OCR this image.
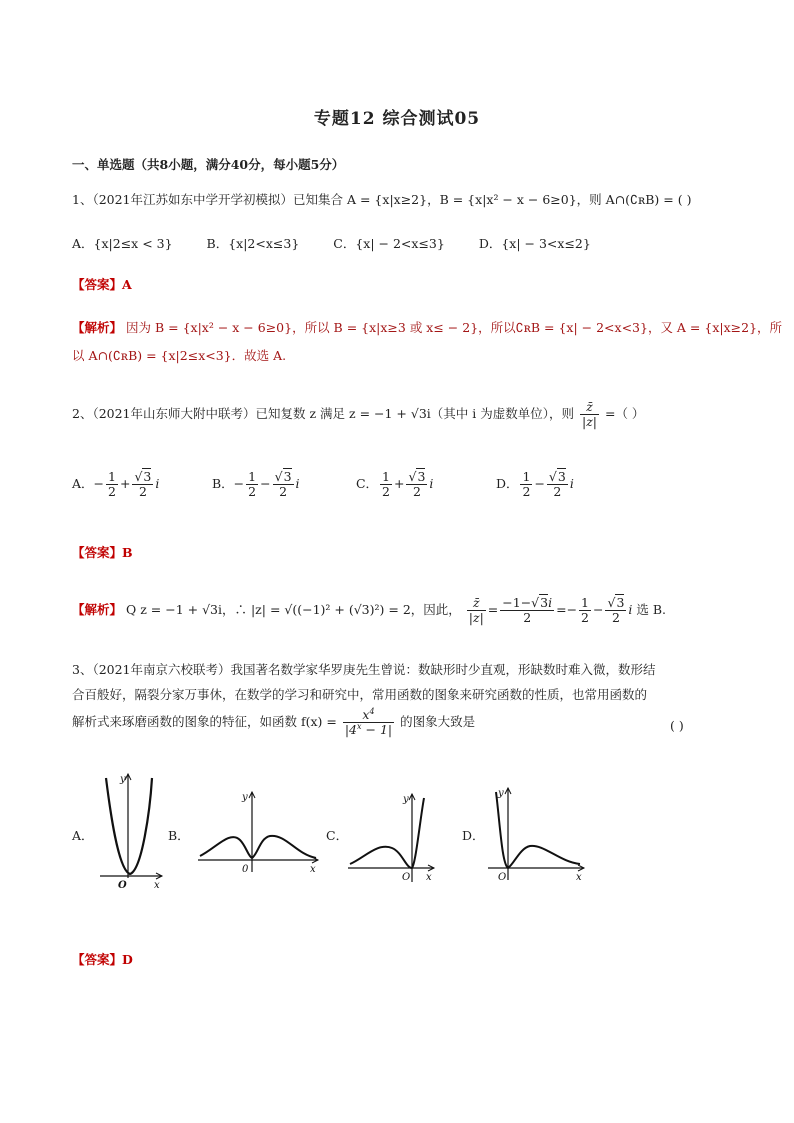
专题12 综合测试05
一、单选题（共8小题，满分40分，每小题5分）
1、（2021年江苏如东中学开学初模拟）已知集合 A = {x|x≥2}，B = {x|x² − x − 6≥0}，则 A∩(∁ʀB) = ( )
A．{x|2≤x < 3}	B．{x|2<x≤3}	C．{x| − 2<x≤3}	D．{x| − 3<x≤2}
【答案】A
【解析】 因为 B = {x|x² − x − 6≥0}，所以 B = {x|x≥3 或 x≤ − 2}，所以∁ʀB = {x| − 2<x<3}，又 A = {x|x≥2}，所
以 A∩(∁ʀB) = {x|2≤x<3}．故选 A.
2、（2021年山东师大附中联考）已知复数 z 满足 z = −1 + √3i（其中 i 为虚数单位），则 $\frac{z̄}{|z|}$ =（ ）
A．− $\frac{1}{2} + \frac{√3}{2}$ i	B．− $\frac{1}{2} - \frac{√3}{2}$ i	C． $\frac{1}{2} + \frac{√3}{2}$ i	D． $\frac{1}{2} - \frac{√3}{2}$ i
【答案】B
【解析】 Q z = −1 + √3i，∴ |z| = √((−1)² + (√3)²) = 2，因此， $\frac{z̄}{|z|} = \frac{-1-√3i}{2} =- \frac{1}{2} - \frac{√3}{2}$ i 选 B.
3、（2021年南京六校联考）我国著名数学家华罗庚先生曾说：数缺形时少直观，形缺数时难入微，数形结
合百般好，隔裂分家万事休，在数学的学习和研究中，常用函数的图象来研究函数的性质，也常用函数的
解析式来琢磨函数的图象的特征，如函数 $f(x) = \frac{x^4}{|4^x - 1|}$ 的图象大致是	( )
A．	B．	C．	D．
O
y
x
0
y
x
O
y
x	O
y
x
【答案】D
